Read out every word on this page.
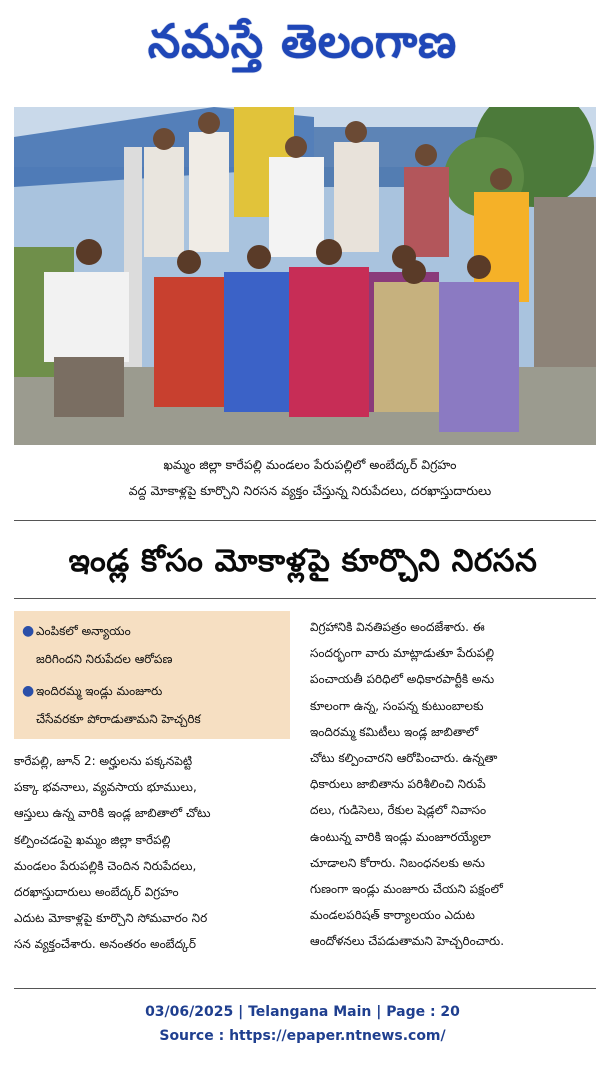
నమస్తే తెలంగాణ
ఖమ్మం జిల్లా కారేపల్లి మండలం పేరుపల్లిలో అంబేద్కర్ విగ్రహం
వద్ద మోకాళ్లపై కూర్చొని నిరసన వ్యక్తం చేస్తున్న నిరుపేదలు, దరఖాస్తుదారులు
ఇండ్ల కోసం మోకాళ్లపై కూర్చొని నిరసన
● ఎంపికలో అన్యాయం
జరిగిందని నిరుపేదల ఆరోపణ
● ఇందిరమ్మ ఇండ్లు మంజూరు
చేసేవరకూ పోరాడుతామని హెచ్చరిక

కారేపల్లి, జూన్ 2: అర్హులను పక్కనపెట్టి

పక్కా భవనాలు, వ్యవసాయ భూములు,

ఆస్తులు ఉన్న వారికి ఇండ్ల జాబితాలో చోటు

కల్పించడంపై ఖమ్మం జిల్లా కారేపల్లి

మండలం పేరుపల్లికి చెందిన నిరుపేదలు,

దరఖాస్తుదారులు అంబేద్కర్ విగ్రహం

ఎదుట మోకాళ్లపై కూర్చొని సోమవారం నిర

సన వ్యక్తంచేశారు. అనంతరం అంబేద్కర్

విగ్రహానికి వినతిపత్రం అందజేశారు. ఈ

సందర్భంగా వారు మాట్లాడుతూ పేరుపల్లి

పంచాయతీ పరిధిలో అధికారపార్టీకి అను

కూలంగా ఉన్న, సంపన్న కుటుంబాలకు

ఇందిరమ్మ కమిటీలు ఇండ్ల జాబితాలో

చోటు కల్పించారని ఆరోపించారు. ఉన్నతా

ధికారులు జాబితాను పరిశీలించి నిరుపే

దలు, గుడిసెలు, రేకుల షెడ్లలో నివాసం

ఉంటున్న వారికి ఇండ్లు మంజూరయ్యేలా

చూడాలని కోరారు. నిబంధనలకు అను

గుణంగా ఇండ్లు మంజూరు చేయని పక్షంలో

మండలపరిషత్ కార్యాలయం ఎదుట

ఆందోళనలు చేపడుతామని హెచ్చరించారు.

03/06/2025 | Telangana Main | Page : 20
Source : https://epaper.ntnews.com/
